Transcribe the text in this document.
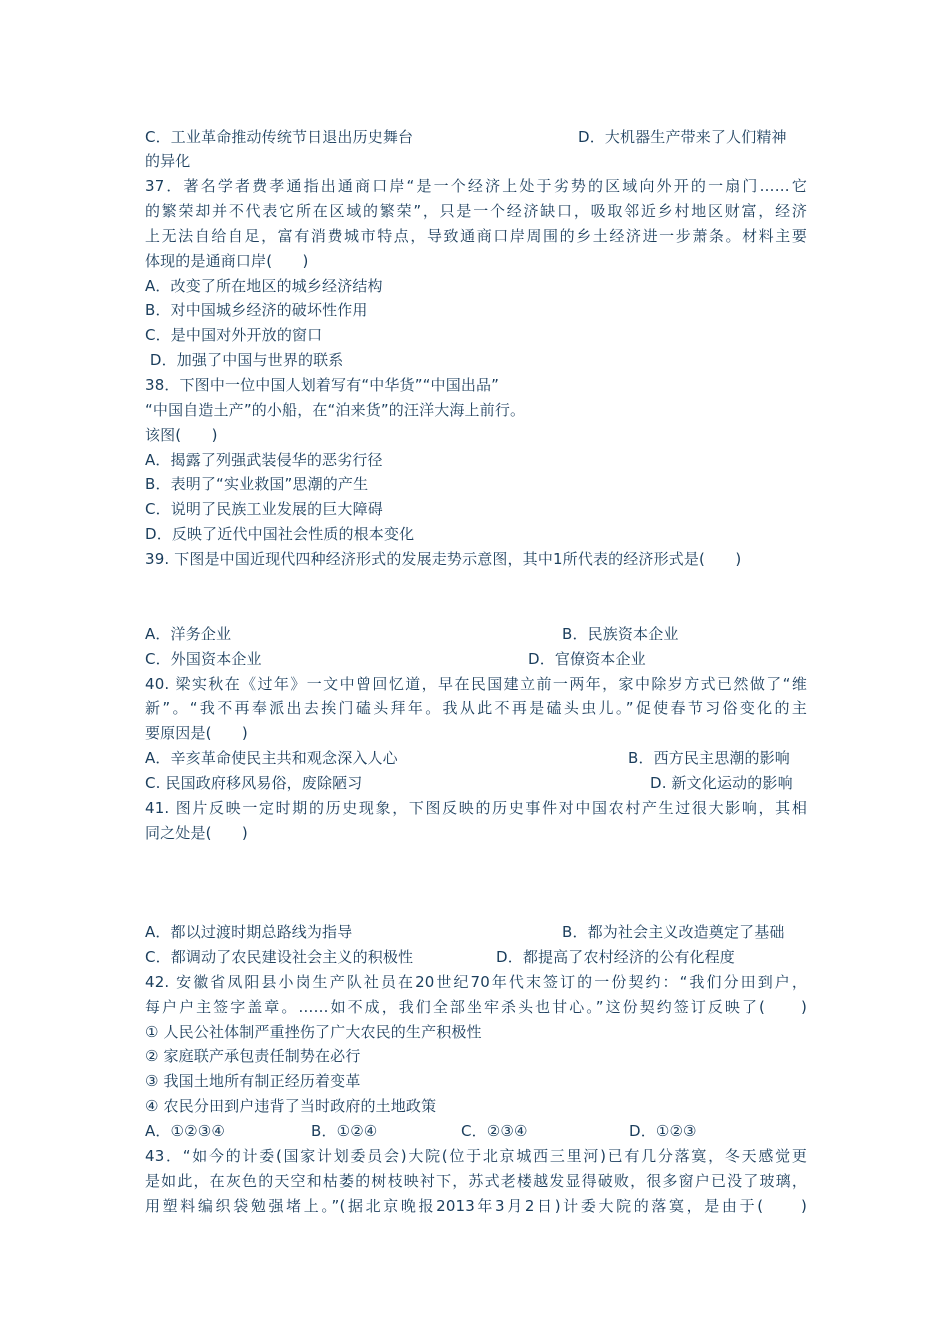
C．工业革命推动传统节日退出历史舞台	D．大机器生产带来了人们精神
的异化
37．著名学者费孝通指出通商口岸“是一个经济上处于劣势的区域向外开的一扇门……它
的繁荣却并不代表它所在区域的繁荣”，只是一个经济缺口，吸取邻近乡村地区财富，经济
上无法自给自足，富有消费城市特点，导致通商口岸周围的乡土经济进一步萧条。材料主要
体现的是通商口岸(　　)
A．改变了所在地区的城乡经济结构
B．对中国城乡经济的破坏性作用
C．是中国对外开放的窗口
D．加强了中国与世界的联系
38．下图中一位中国人划着写有“中华货”“中国出品”
“中国自造土产”的小船，在“泊来货”的汪洋大海上前行。
该图(　　)
A．揭露了列强武装侵华的恶劣行径
B．表明了“实业救国”思潮的产生
C．说明了民族工业发展的巨大障碍
D．反映了近代中国社会性质的根本变化
39. 下图是中国近现代四种经济形式的发展走势示意图，其中1所代表的经济形式是(　　)
A．洋务企业	B．民族资本企业
C．外国资本企业	D．官僚资本企业
40. 梁实秋在《过年》一文中曾回忆道，早在民国建立前一两年，家中除岁方式已然做了“维
新”。“我不再奉派出去挨门磕头拜年。我从此不再是磕头虫儿。”促使春节习俗变化的主
要原因是(　　)
A．辛亥革命使民主共和观念深入人心	B．西方民主思潮的影响
C. 民国政府移风易俗，废除陋习	D. 新文化运动的影响
41. 图片反映一定时期的历史现象，下图反映的历史事件对中国农村产生过很大影响，其相
同之处是(　　)
A．都以过渡时期总路线为指导	B．都为社会主义改造奠定了基础
C．都调动了农民建设社会主义的积极性	D．都提高了农村经济的公有化程度
42. 安徽省凤阳县小岗生产队社员在20世纪70年代末签订的一份契约：“我们分田到户，
每户户主签字盖章。……如不成，我们全部坐牢杀头也甘心。”这份契约签订反映了(　　)
① 人民公社体制严重挫伤了广大农民的生产积极性
② 家庭联产承包责任制势在必行
③ 我国土地所有制正经历着变革
④ 农民分田到户违背了当时政府的土地政策
A．①②③④	B．①②④	C．②③④	D．①②③
43．“如今的计委(国家计划委员会)大院(位于北京城西三里河)已有几分落寞，冬天感觉更
是如此，在灰色的天空和枯萎的树枝映衬下，苏式老楼越发显得破败，很多窗户已没了玻璃，
用塑料编织袋勉强堵上。”(据北京晚报2013年3月2日)计委大院的落寞，是由于(　　)
